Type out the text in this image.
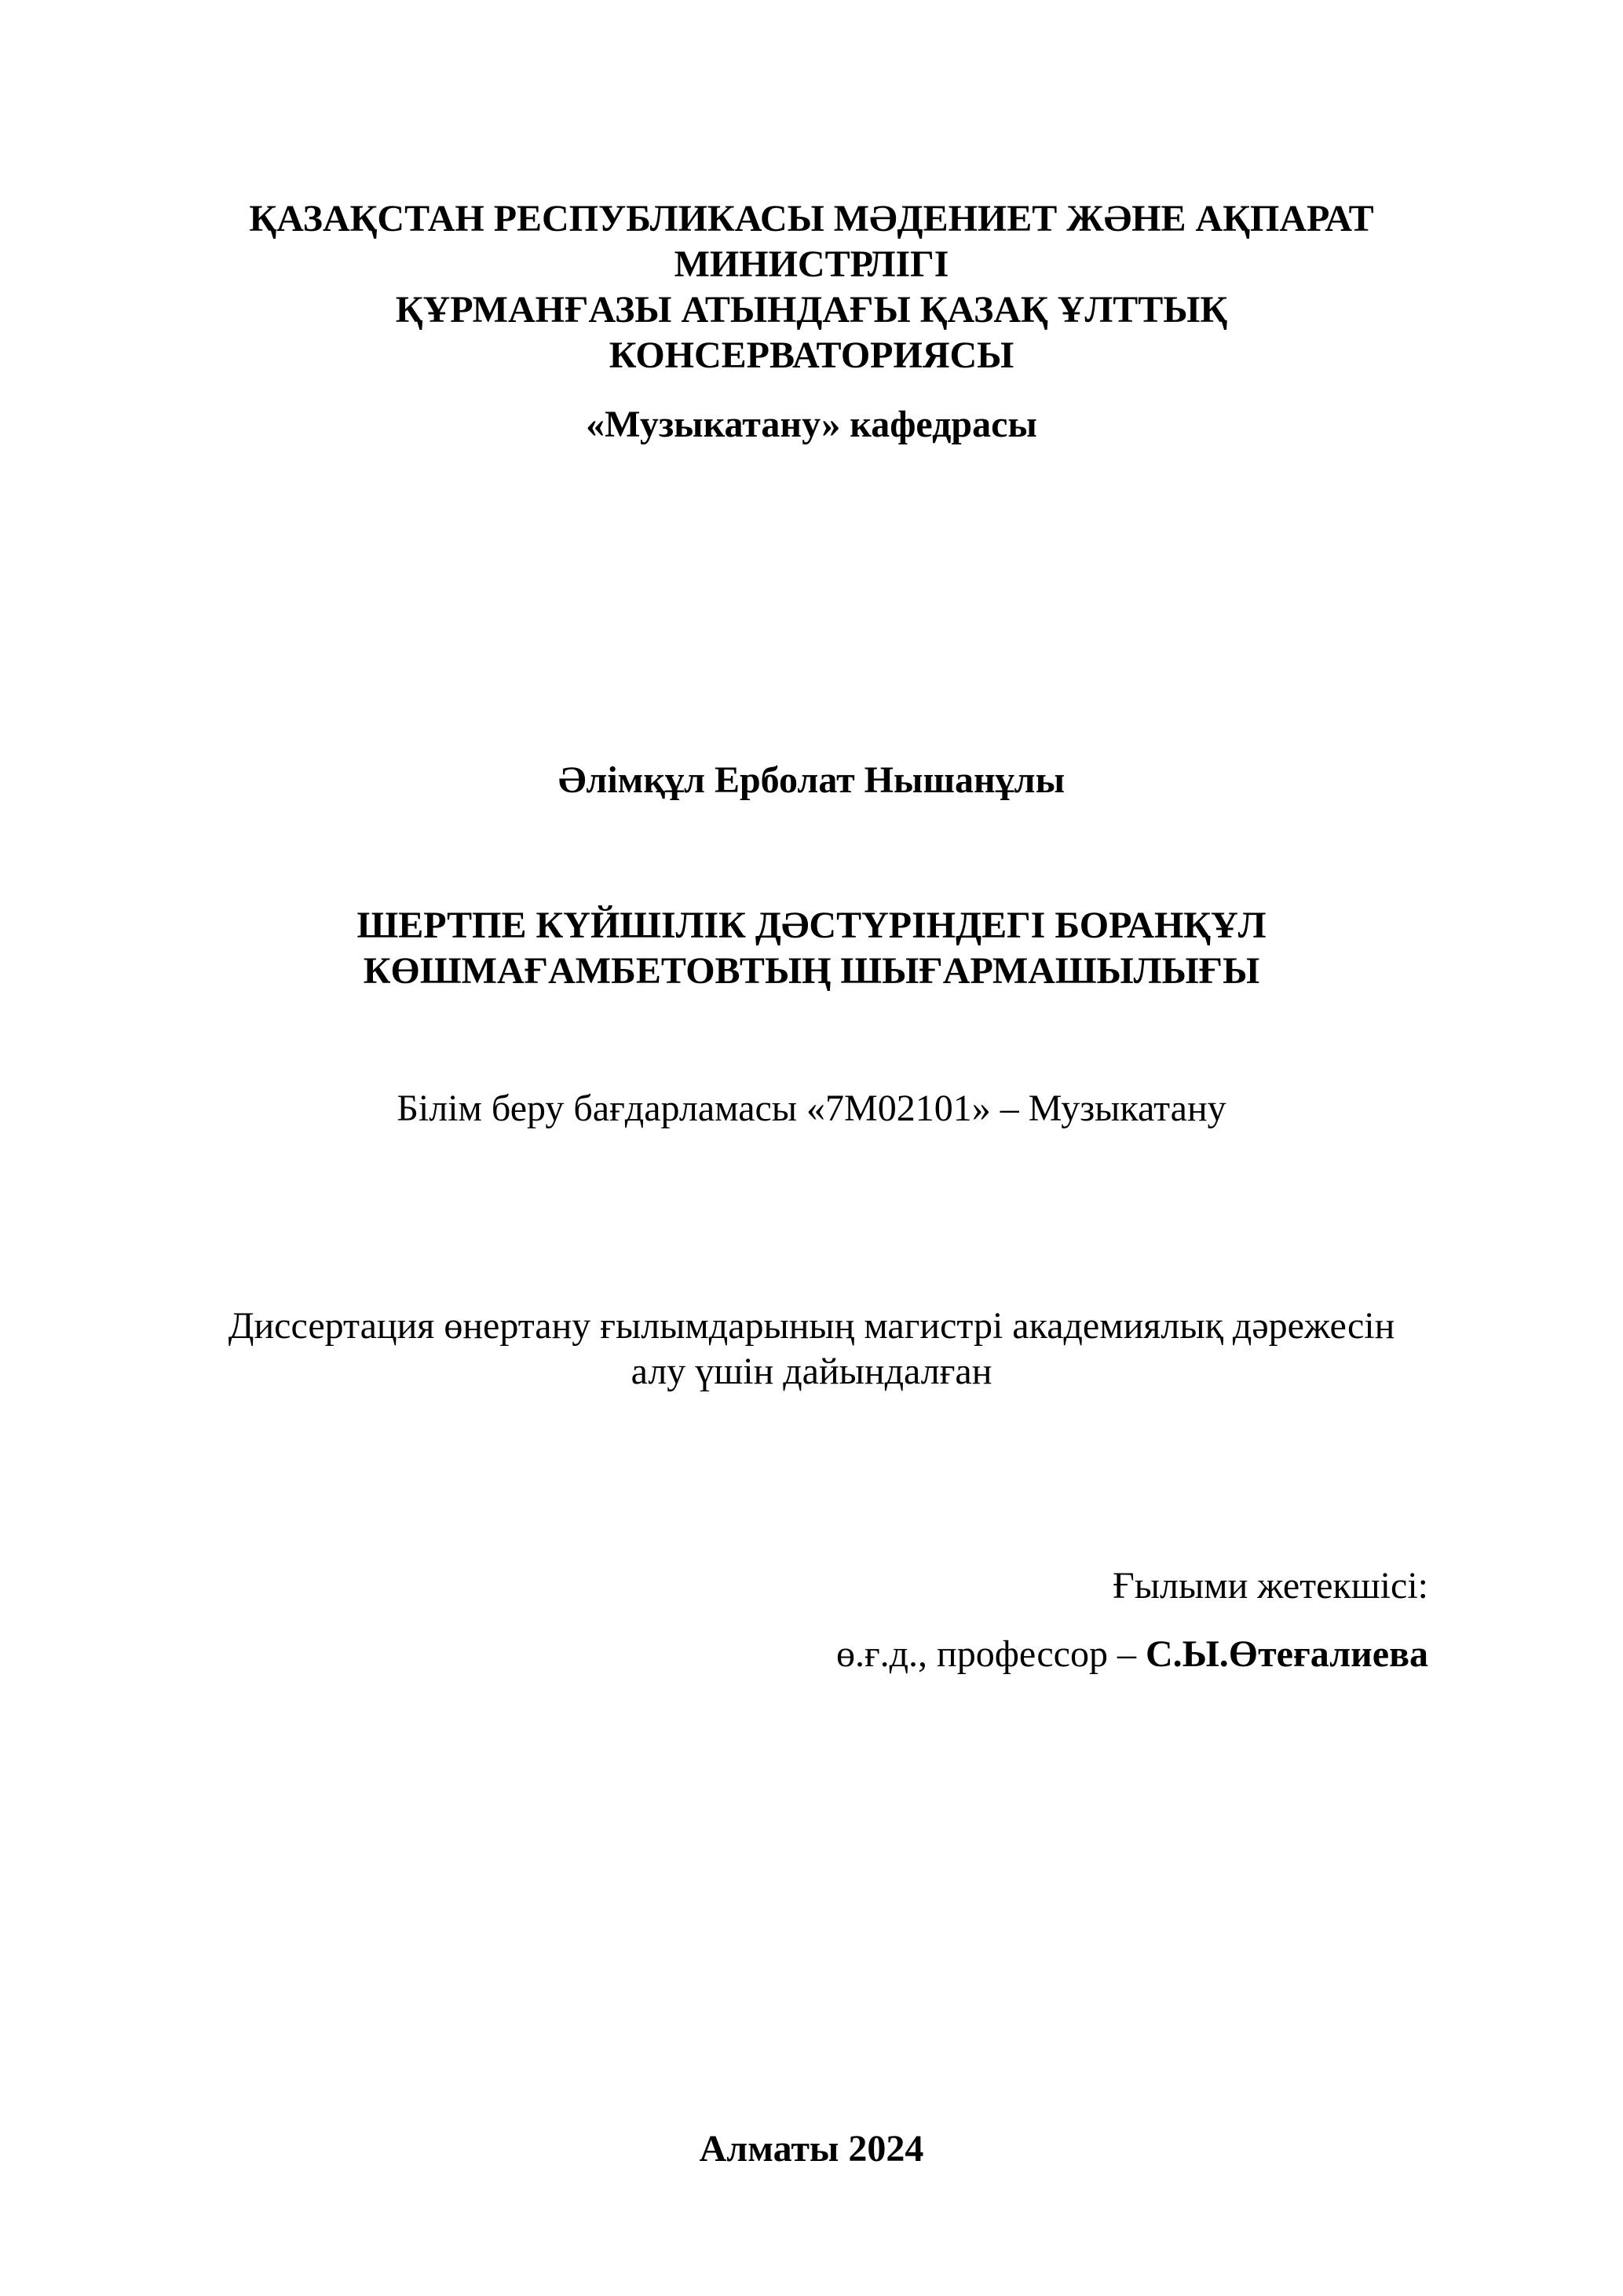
ҚАЗАҚСТАН РЕСПУБЛИКАСЫ МӘДЕНИЕТ ЖӘНЕ АҚПАРАТ
МИНИСТРЛІГІ
ҚҰРМАНҒАЗЫ АТЫНДАҒЫ ҚАЗАҚ ҰЛТТЫҚ
КОНСЕРВАТОРИЯСЫ
«Музыкатану» кафедрасы
Әлімқұл Ерболат Нышанұлы
ШЕРТПЕ КҮЙШІЛІК ДӘСТҮРІНДЕГІ БОРАНҚҰЛ
КӨШМАҒАМБЕТОВТЫҢ ШЫҒАРМАШЫЛЫҒЫ
Білім беру бағдарламасы «7M02101» – Музыкатану
Диссертация өнертану ғылымдарының магистрі академиялық дәрежесін
алу үшін дайындалған
Ғылыми жетекшісі:
ө.ғ.д., профессор – С.Ы.Өтеғалиева
Алматы 2024
